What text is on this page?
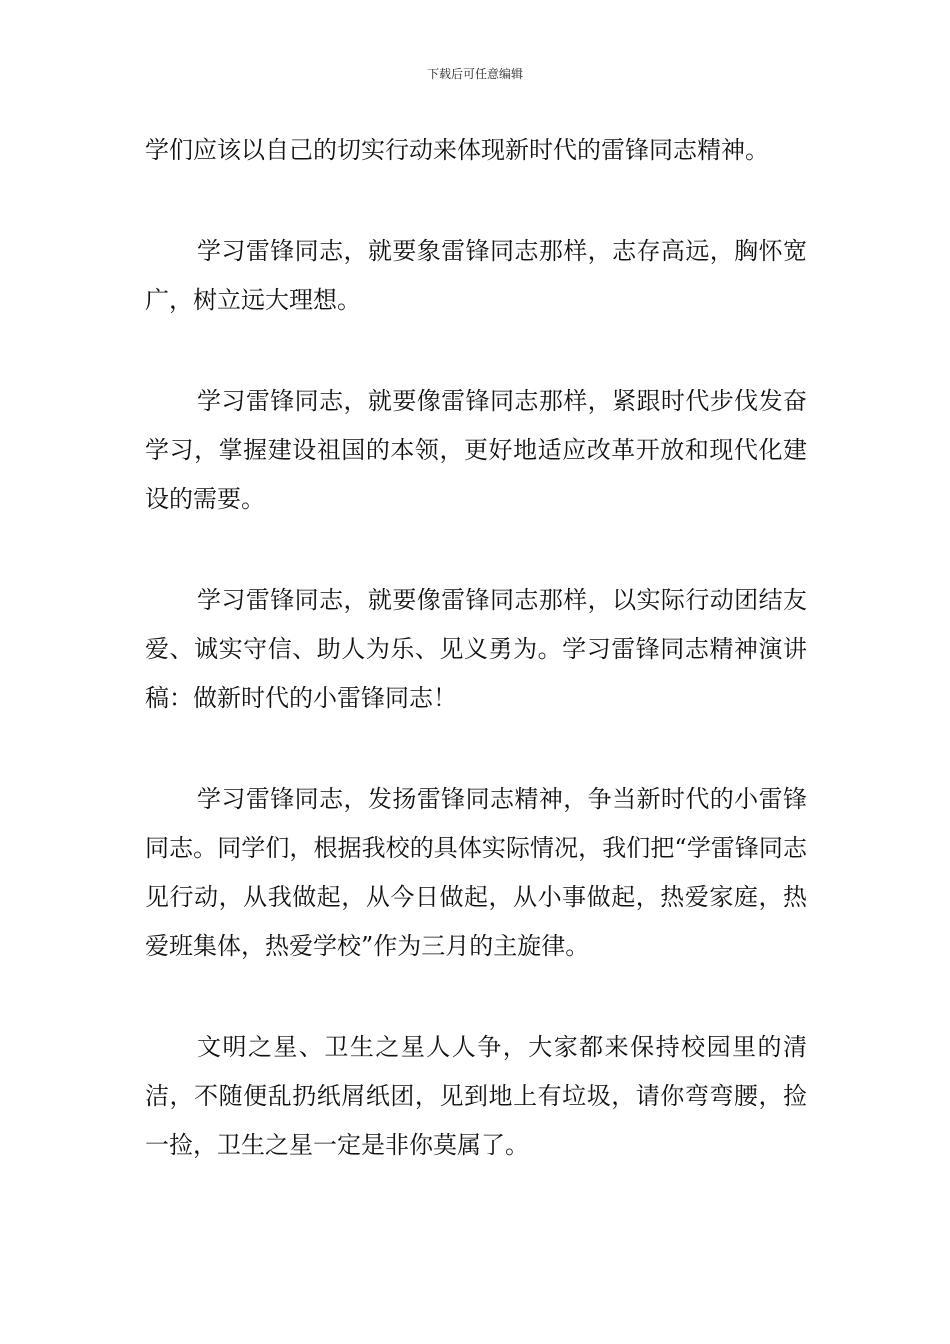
下载后可任意编辑

学们应该以自己的切实行动来体现新时代的雷锋同志精神。

学习雷锋同志，就要象雷锋同志那样，志存高远，胸怀宽广，树立远大理想。

学习雷锋同志，就要像雷锋同志那样，紧跟时代步伐发奋学习，掌握建设祖国的本领，更好地适应改革开放和现代化建设的需要。

学习雷锋同志，就要像雷锋同志那样，以实际行动团结友爱、诚实守信、助人为乐、见义勇为。学习雷锋同志精神演讲稿：做新时代的小雷锋同志！

学习雷锋同志，发扬雷锋同志精神，争当新时代的小雷锋同志。同学们，根据我校的具体实际情况，我们把“学雷锋同志见行动，从我做起，从今日做起，从小事做起，热爱家庭，热爱班集体，热爱学校”作为三月的主旋律。

文明之星、卫生之星人人争，大家都来保持校园里的清洁，不随便乱扔纸屑纸团，见到地上有垃圾，请你弯弯腰，捡一捡，卫生之星一定是非你莫属了。
